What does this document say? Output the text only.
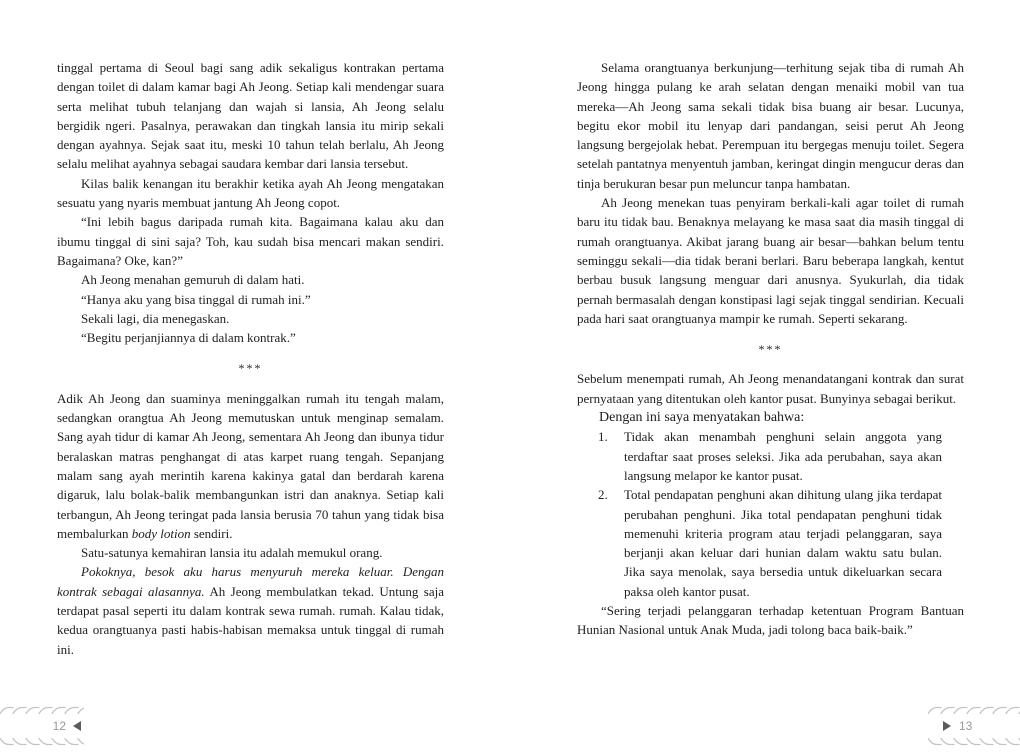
tinggal pertama di Seoul bagi sang adik sekaligus kontrakan pertama dengan toilet di dalam kamar bagi Ah Jeong. Setiap kali mendengar suara serta melihat tubuh telanjang dan wajah si lansia, Ah Jeong selalu bergidik ngeri. Pasalnya, perawakan dan tingkah lansia itu mirip sekali dengan ayahnya. Sejak saat itu, meski 10 tahun telah berlalu, Ah Jeong selalu melihat ayahnya sebagai saudara kembar dari lansia tersebut.

Kilas balik kenangan itu berakhir ketika ayah Ah Jeong mengatakan sesuatu yang nyaris membuat jantung Ah Jeong copot.

“Ini lebih bagus daripada rumah kita. Bagaimana kalau aku dan ibumu tinggal di sini saja? Toh, kau sudah bisa mencari makan sendiri. Bagaimana? Oke, kan?”

Ah Jeong menahan gemuruh di dalam hati.

“Hanya aku yang bisa tinggal di rumah ini.”

Sekali lagi, dia menegaskan.

“Begitu perjanjiannya di dalam kontrak.”

***

Adik Ah Jeong dan suaminya meninggalkan rumah itu tengah malam, sedangkan orangtua Ah Jeong memutuskan untuk menginap semalam. Sang ayah tidur di kamar Ah Jeong, sementara Ah Jeong dan ibunya tidur beralaskan matras penghangat di atas karpet ruang tengah. Sepanjang malam sang ayah merintih karena kakinya gatal dan berdarah karena digaruk, lalu bolak-balik membangunkan istri dan anaknya. Setiap kali terbangun, Ah Jeong teringat pada lansia berusia 70 tahun yang tidak bisa membalurkan body lotion sendiri.

Satu-satunya kemahiran lansia itu adalah memukul orang.

Pokoknya, besok aku harus menyuruh mereka keluar. Dengan kontrak sebagai alasannya. Ah Jeong membulatkan tekad. Untung saja terdapat pasal seperti itu dalam kontrak sewa rumah. rumah. Kalau tidak, kedua orangtuanya pasti habis-habisan memaksa untuk tinggal di rumah ini.

Selama orangtuanya berkunjung—terhitung sejak tiba di rumah Ah Jeong hingga pulang ke arah selatan dengan menaiki mobil van tua mereka—Ah Jeong sama sekali tidak bisa buang air besar. Lucunya, begitu ekor mobil itu lenyap dari pandangan, seisi perut Ah Jeong langsung bergejolak hebat. Perempuan itu bergegas menuju toilet. Segera setelah pantatnya menyentuh jamban, keringat dingin mengucur deras dan tinja berukuran besar pun meluncur tanpa hambatan.

Ah Jeong menekan tuas penyiram berkali-kali agar toilet di rumah baru itu tidak bau. Benaknya melayang ke masa saat dia masih tinggal di rumah orangtuanya. Akibat jarang buang air besar—bahkan belum tentu seminggu sekali—dia tidak berani berlari. Baru beberapa langkah, kentut berbau busuk langsung menguar dari anusnya. Syukurlah, dia tidak pernah bermasalah dengan konstipasi lagi sejak tinggal sendirian. Kecuali pada hari saat orangtuanya mampir ke rumah. Seperti sekarang.

***

Sebelum menempati rumah, Ah Jeong menandatangani kontrak dan surat pernyataan yang ditentukan oleh kantor pusat. Bunyinya sebagai berikut.

Dengan ini saya menyatakan bahwa:

1.	Tidak akan menambah penghuni selain anggota yang terdaftar saat proses seleksi. Jika ada perubahan, saya akan langsung melapor ke kantor pusat.
2.	Total pendapatan penghuni akan dihitung ulang jika terdapat perubahan penghuni. Jika total pendapatan penghuni tidak memenuhi kriteria program atau terjadi pelanggaran, saya berjanji akan keluar dari hunian dalam waktu satu bulan. Jika saya menolak, saya bersedia untuk dikeluarkan secara paksa oleh kantor pusat.

“Sering terjadi pelanggaran terhadap ketentuan Program Bantuan Hunian Nasional untuk Anak Muda, jadi tolong baca baik-baik.”

12	13
